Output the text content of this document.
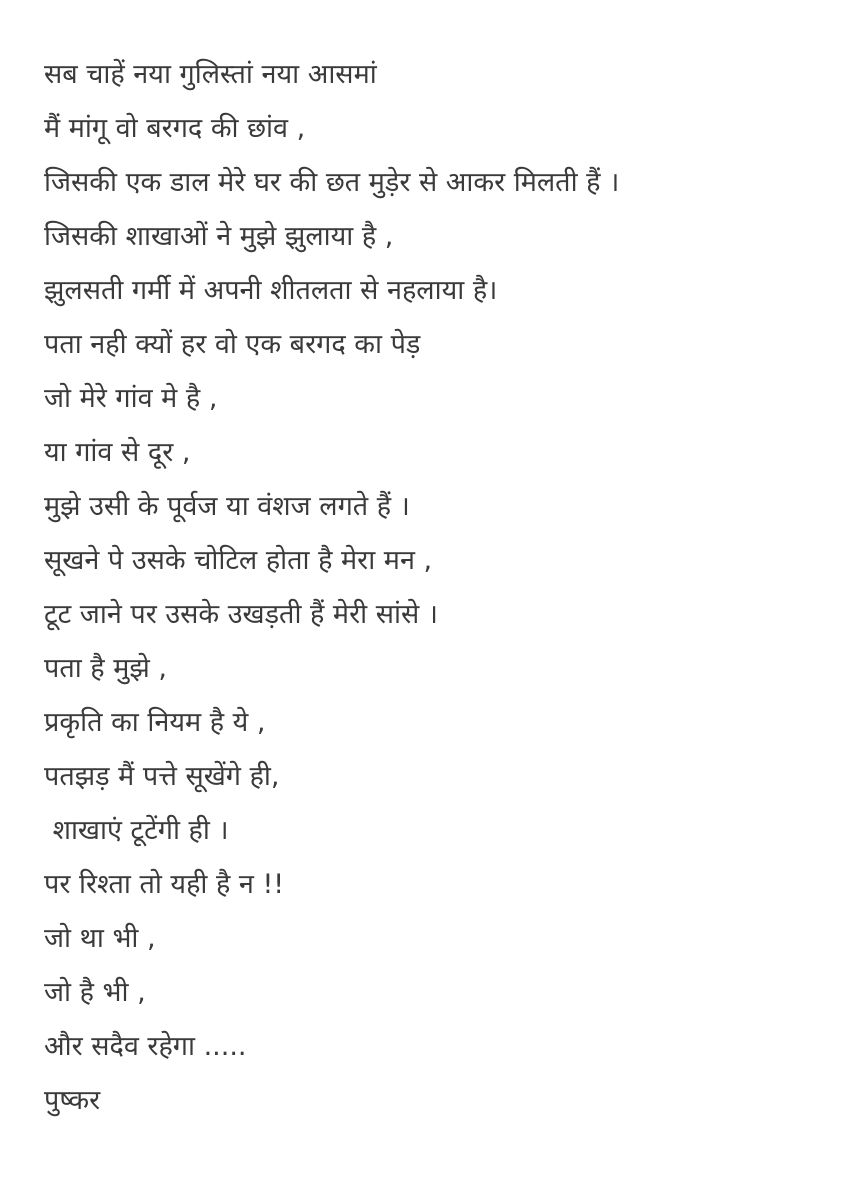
सब चाहें नया गुलिस्तां नया आसमां
मैं मांगू वो बरगद की छांव ,
जिसकी एक डाल मेरे घर की छत मुड़ेर से आकर मिलती हैं ।
जिसकी शाखाओं ने मुझे झुलाया है ,
झुलसती गर्मी में अपनी शीतलता से नहलाया है।
पता नही क्यों हर वो एक बरगद का पेड़
जो मेरे गांव मे है ,
या गांव से दूर ,
मुझे उसी के पूर्वज या वंशज लगते हैं ।
सूखने पे उसके चोटिल होता है मेरा मन ,
टूट जाने पर उसके उखड़ती हैं मेरी सांसे ।
पता है मुझे ,
प्रकृति का नियम है ये ,
पतझड़ मैं पत्ते सूखेंगे ही,
शाखाएं टूटेंगी ही ।
पर रिश्ता तो यही है न !!
जो था भी ,
जो है भी ,
और सदैव रहेगा .....
पुष्कर
